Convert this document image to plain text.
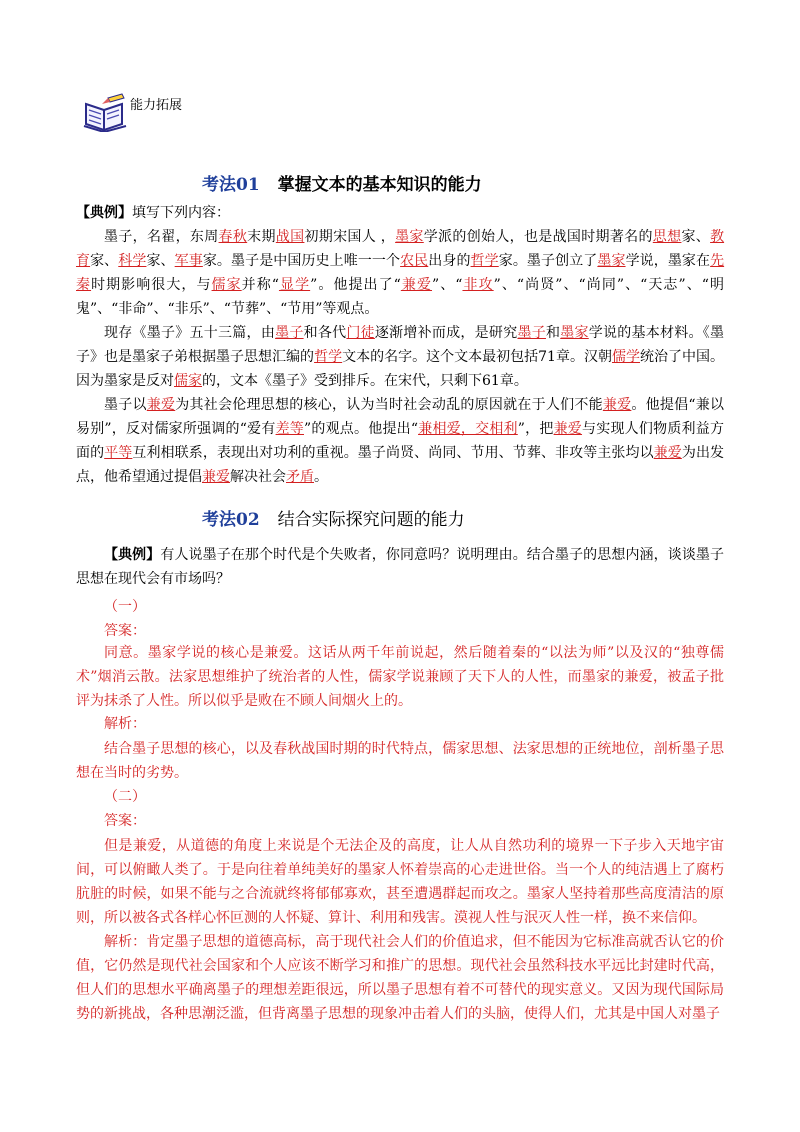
能力拓展
考法01 掌握文本的基本知识的能力
【典例】填写下列内容：
墨子，名翟，东周春秋末期战国初期宋国人 ，墨家学派的创始人，也是战国时期著名的思想家、教育家、科学家、军事家。墨子是中国历史上唯一一个农民出身的哲学家。墨子创立了墨家学说，墨家在先秦时期影响很大，与儒家并称“显学”。他提出了“兼爱”、“非攻”、“尚贤”、“尚同”、“天志”、“明鬼”、“非命”、“非乐”、“节葬”、“节用”等观点。
现存《墨子》五十三篇，由墨子和各代门徒逐渐增补而成，是研究墨子和墨家学说的基本材料。《墨子》也是墨家子弟根据墨子思想汇编的哲学文本的名字。这个文本最初包括71章。汉朝儒学统治了中国。因为墨家是反对儒家的，文本《墨子》受到排斥。在宋代，只剩下61章。
墨子以兼爱为其社会伦理思想的核心，认为当时社会动乱的原因就在于人们不能兼爱。他提倡“兼以易别”，反对儒家所强调的“爱有差等”的观点。他提出“兼相爱，交相利”，把兼爱与实现人们物质利益方面的平等互利相联系，表现出对功利的重视。墨子尚贤、尚同、节用、节葬、非攻等主张均以兼爱为出发点，他希望通过提倡兼爱解决社会矛盾。
考法02 结合实际探究问题的能力
【典例】有人说墨子在那个时代是个失败者，你同意吗？说明理由。结合墨子的思想内涵，谈谈墨子思想在现代会有市场吗？
（一）
答案：
同意。墨家学说的核心是兼爱。这话从两千年前说起，然后随着秦的“以法为师”以及汉的“独尊儒术”烟消云散。法家思想维护了统治者的人性，儒家学说兼顾了天下人的人性，而墨家的兼爱，被孟子批评为抹杀了人性。所以似乎是败在不顾人间烟火上的。
解析：
结合墨子思想的核心，以及春秋战国时期的时代特点，儒家思想、法家思想的正统地位，剖析墨子思想在当时的劣势。
（二）
答案：
但是兼爱，从道德的角度上来说是个无法企及的高度，让人从自然功利的境界一下子步入天地宇宙间，可以俯瞰人类了。于是向往着单纯美好的墨家人怀着崇高的心走进世俗。当一个人的纯洁遇上了腐朽肮脏的时候，如果不能与之合流就终将郁郁寡欢，甚至遭遇群起而攻之。墨家人坚持着那些高度清洁的原则，所以被各式各样心怀叵测的人怀疑、算计、利用和残害。漠视人性与泯灭人性一样，换不来信仰。
解析：肯定墨子思想的道德高标，高于现代社会人们的价值追求，但不能因为它标准高就否认它的价值，它仍然是现代社会国家和个人应该不断学习和推广的思想。现代社会虽然科技水平远比封建时代高，但人们的思想水平确离墨子的理想差距很远，所以墨子思想有着不可替代的现实意义。又因为现代国际局势的新挑战，各种思潮泛滥，但背离墨子思想的现象冲击着人们的头脑，使得人们，尤其是中国人对墨子
